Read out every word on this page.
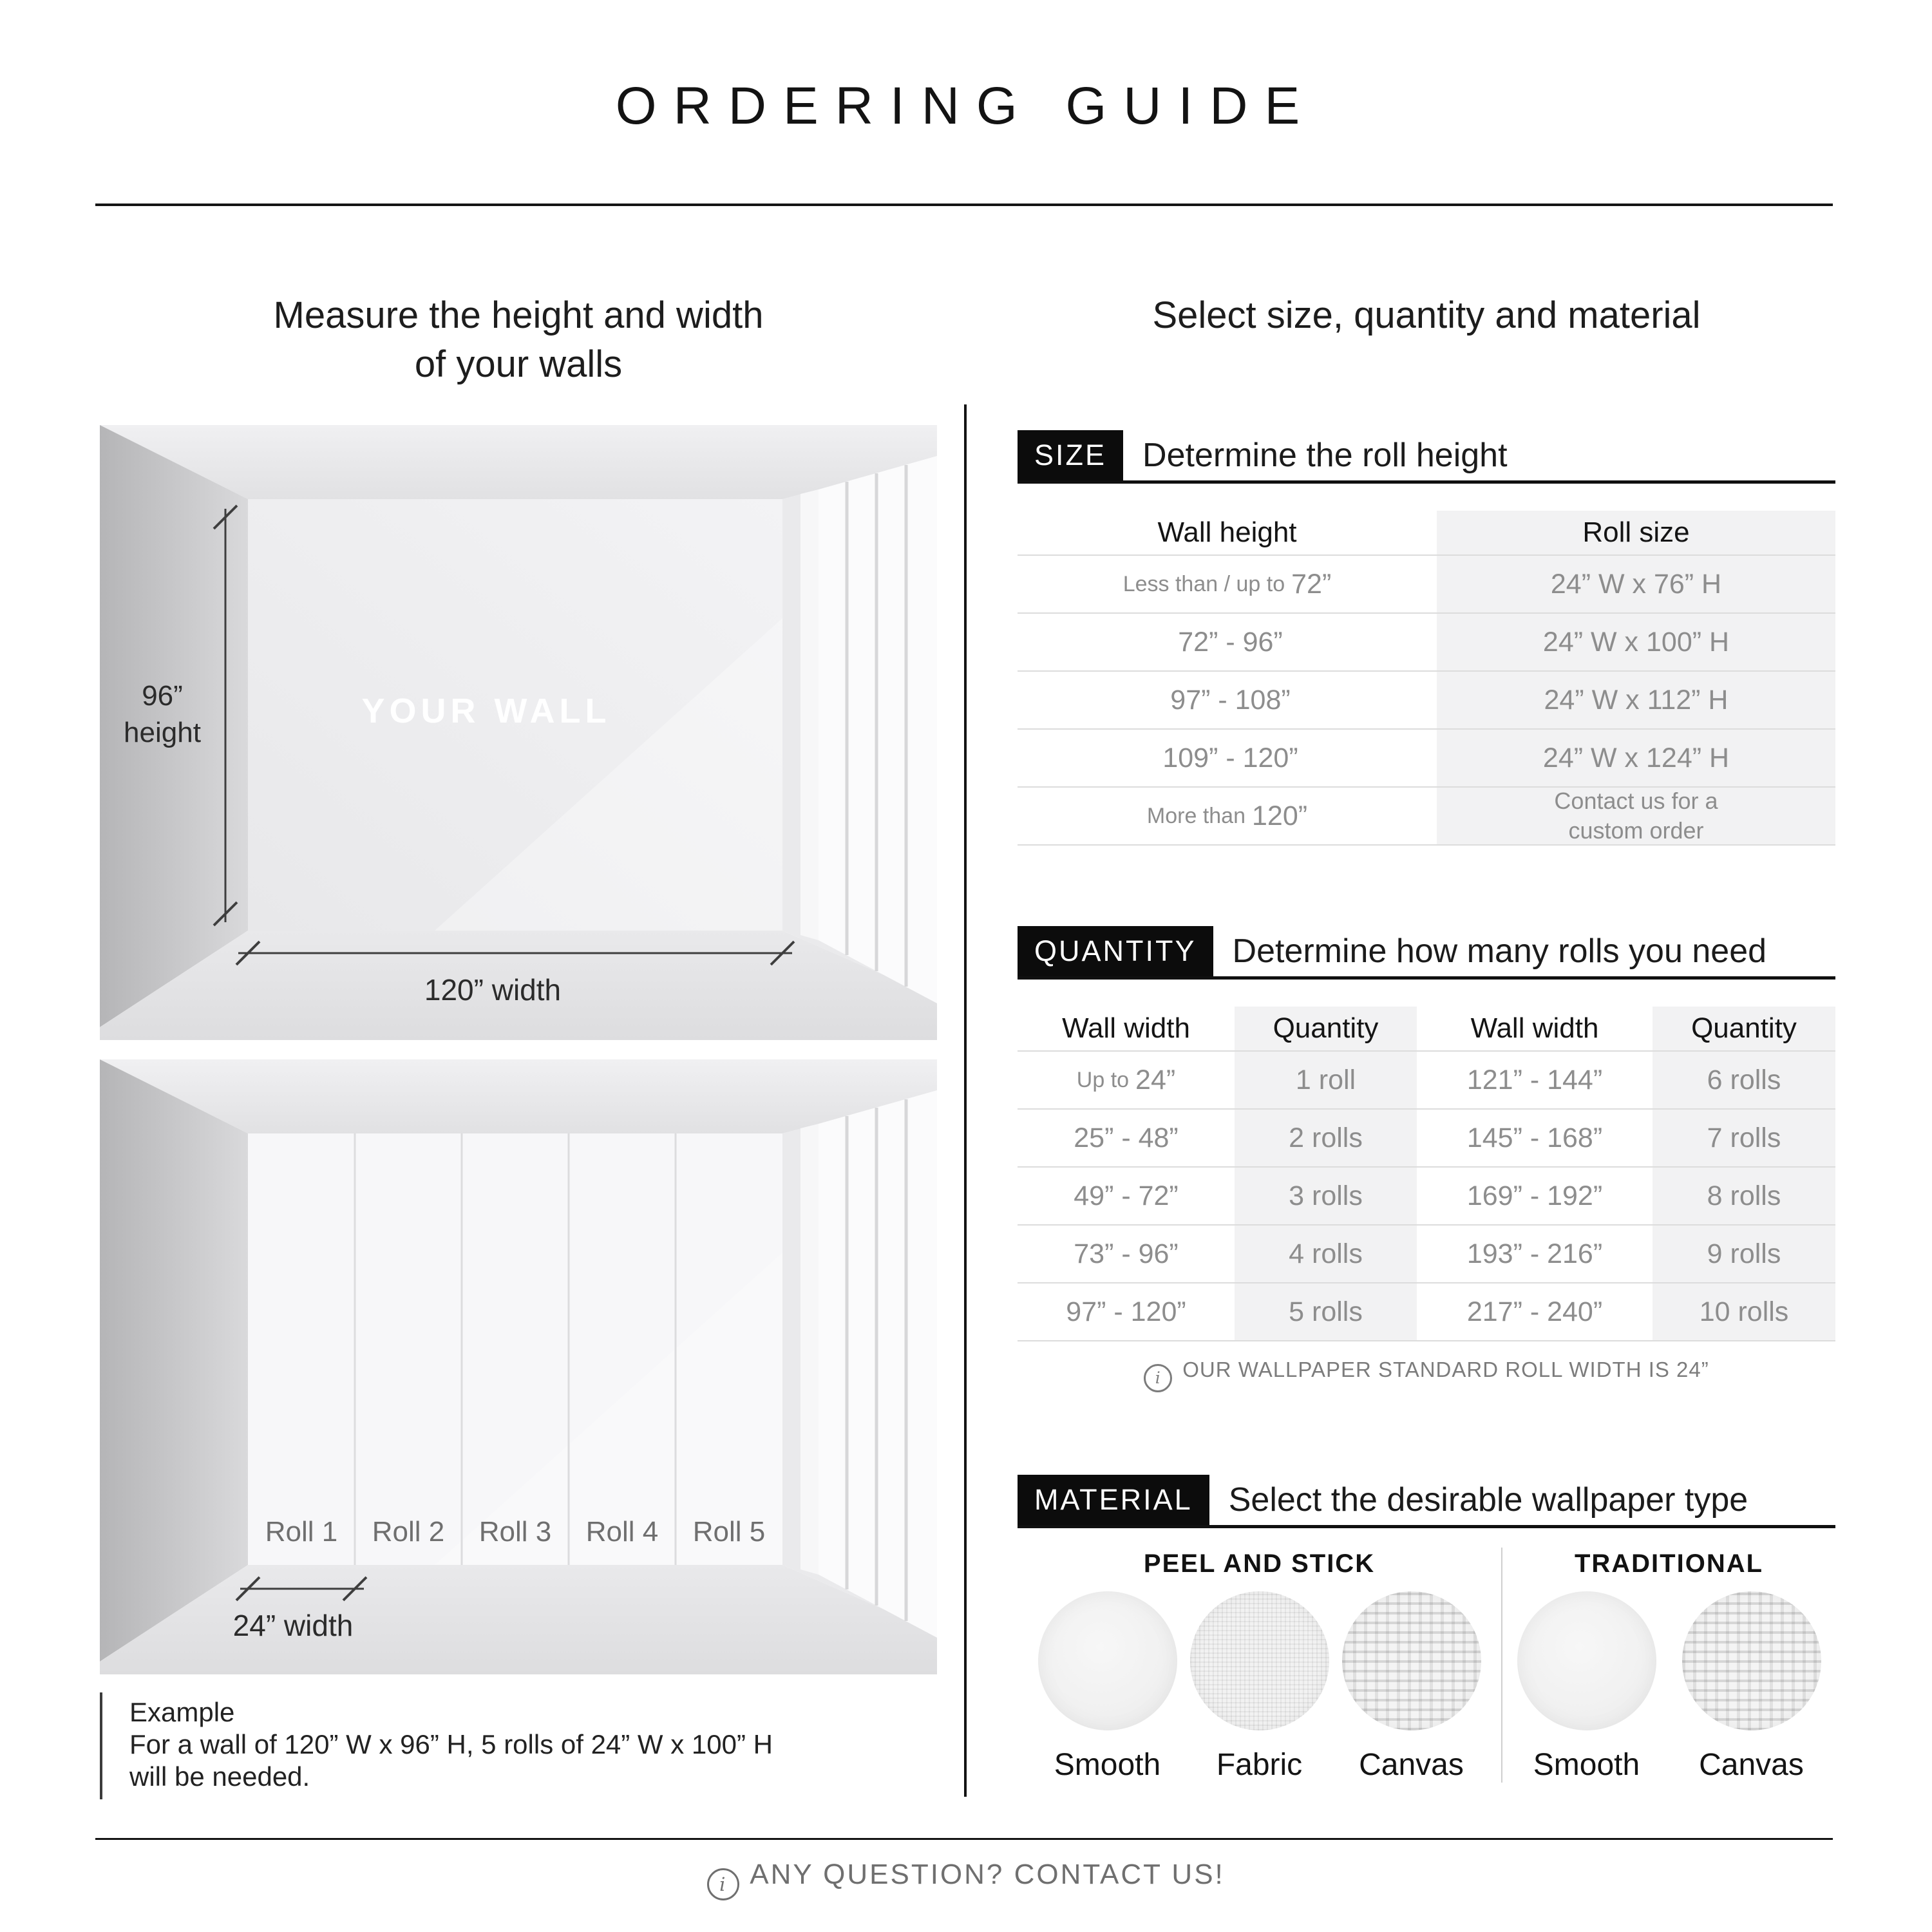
ORDERING GUIDE
Measure the height and width
of your walls
Select size, quantity and material
YOUR WALL
96”
height
120” width
Roll 1 Roll 2 Roll 3 Roll 4 Roll 5
24” width
Example
For a wall of 120” W x 96” H, 5 rolls of 24” W x 100” H
will be needed.
SIZE	Determine the roll height
Wall height	Roll size
Less than / up to 72”	24” W x 76” H
72” - 96”	24” W x 100” H
97” - 108”	24” W x 112” H
109” - 120”	24” W x 124” H
More than 120”	Contact us for a
custom order
QUANTITY	Determine how many rolls you need
Wall width	Quantity	Wall width	Quantity
Up to 24”	1 roll	121” - 144”	6 rolls
25” - 48”	2 rolls	145” - 168”	7 rolls
49” - 72”	3 rolls	169” - 192”	8 rolls
73” - 96”	4 rolls	193” - 216”	9 rolls
97” - 120”	5 rolls	217” - 240”	10 rolls
i OUR WALLPAPER STANDARD ROLL WIDTH IS 24”
MATERIAL	Select the desirable wallpaper type
PEEL AND STICK
Smooth Fabric Canvas
TRADITIONAL
Smooth Canvas
i ANY QUESTION? CONTACT US!
